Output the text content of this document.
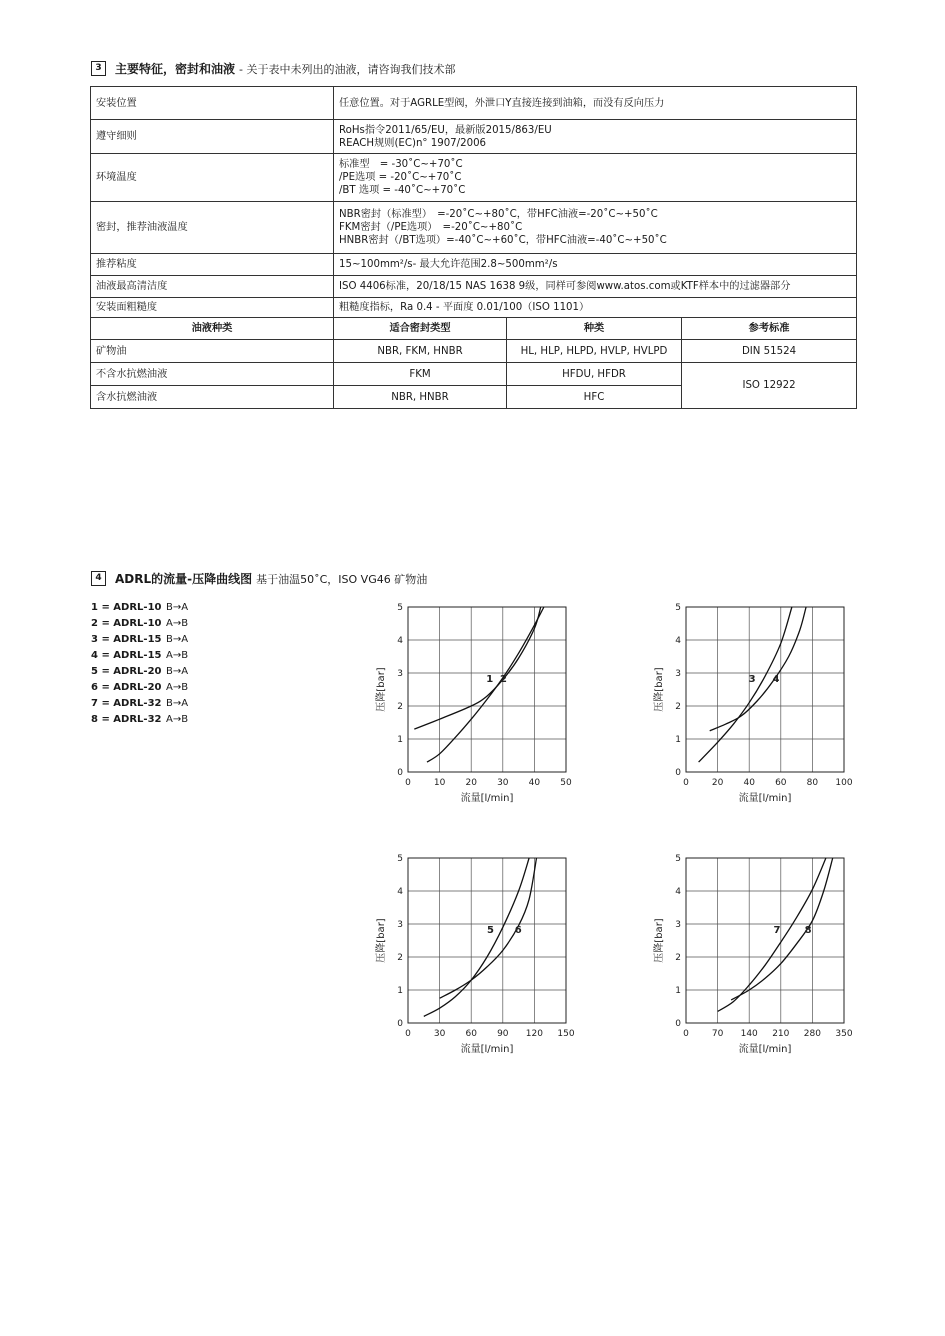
3	主要特征，密封和油液 - 关于表中未列出的油液，请咨询我们技术部
安装位置	任意位置。对于AGRLE型阀，外泄口Y直接连接到油箱，而没有反向压力		

遵守细则	RoHs指令2011/65/EU，最新版2015/863/EU
REACH规则(EC)n° 1907/2006		

环境温度	标准型　= -30˚C~+70˚C
/PE选项 = -20˚C~+70˚C
/BT 选项 = -40˚C~+70˚C		

密封，推荐油液温度	NBR密封（标准型）　=-20˚C~+80˚C，带HFC油液=-20˚C~+50˚C
FKM密封（/PE选项）　=-20˚C~+80˚C
HNBR密封（/BT选项）=-40˚C~+60˚C，带HFC油液=-40˚C~+50˚C		

推荐粘度	15~100mm²/s- 最大允许范围2.8~500mm²/s		

油液最高清洁度	ISO 4406标准，20/18/15 NAS 1638 9级，同样可参阅www.atos.com或KTF样本中的过滤器部分		

安装面粗糙度	粗糙度指标，Ra 0.4 - 平面度 0.01/100（ISO 1101）		

油液种类	适合密封类型	种类	参考标准
矿物油	NBR, FKM, HNBR	HL, HLP, HLPD, HVLP, HVLPD	DIN 51524
不含水抗燃油液	FKM	HFDU, HFDR	ISO 12922
含水抗燃油液	NBR, HNBR	HFC	
4	ADRL的流量-压降曲线图 基于油温50˚C，ISO VG46 矿物油
1 = ADRL-10 B→A
2 = ADRL-10 A→B
3 = ADRL-15 B→A
4 = ADRL-15 A→B
5 = ADRL-20 B→A
6 = ADRL-20 A→B
7 = ADRL-32 B→A
8 = ADRL-32 A→B
0	10 20 30 40 50
0
1
2
3
4
5
流量[l/min]
压降[bar]	1 2
0	20 40 60 80 100
0
1
2
3
4
5
流量[l/min]
压降[bar]	3 4
0	30 60 90 120 150
0
1
2
3
4
5
流量[l/min]
压降[bar]	5 6
0	70 140 210 280 350
0
1
2
3
4
5
流量[l/min]
压降[bar]	7 8
